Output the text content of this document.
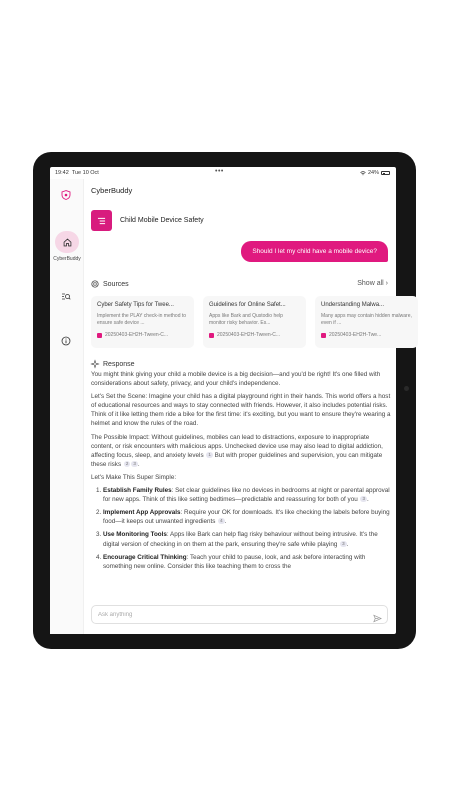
19:42 Tue 10 Oct	•••	24%
CyberBuddy
CyberBuddy
Child Mobile Device Safety
Should I let my child have a mobile device?
Sources	Show all ›
Cyber Safety Tips for Twee...
Implement the PLAY check-in method to ensure safe device ...
20250403-EH2H-Tween-C...
Guidelines for Online Safet...
Apps like Bark and Qustodio help monitor risky behavior. Es...
20250403-EH2H-Tween-C...
Understanding Malwa...
Many apps may contain hidden malware, even if ...
20250403-EH2H-Twe...
Response

You might think giving your child a mobile device is a big decision—and you'd be right! It's one filled with considerations about safety, privacy, and your child's independence.

Let's Set the Scene: Imagine your child has a digital playground right in their hands. This world offers a host of educational resources and ways to stay connected with friends. However, it also includes potential risks. Think of it like letting them ride a bike for the first time: it's exciting, but you want to ensure they're wearing a helmet and know the rules of the road.

The Possible Impact: Without guidelines, mobiles can lead to distractions, exposure to inappropriate content, or risk encounters with malicious apps. Unchecked device use may also lead to digital addiction, affecting focus, sleep, and anxiety levels 1 But with proper guidelines and supervision, you can mitigate these risks 2 3 .

Let's Make This Super Simple:

1. Establish Family Rules: Set clear guidelines like no devices in bedrooms at night or parental approval for new apps. Think of this like setting bedtimes—predictable and reassuring for both of you 3 .
2. Implement App Approvals: Require your OK for downloads. It's like checking the labels before buying food—it keeps out unwanted ingredients 4 .
3. Use Monitoring Tools: Apps like Bark can help flag risky behaviour without being intrusive. It's the digital version of checking in on them at the park, ensuring they're safe while playing 3 .
4. Encourage Critical Thinking: Teach your child to pause, look, and ask before interacting with something new online. Consider this like teaching them to cross the
Ask anything
